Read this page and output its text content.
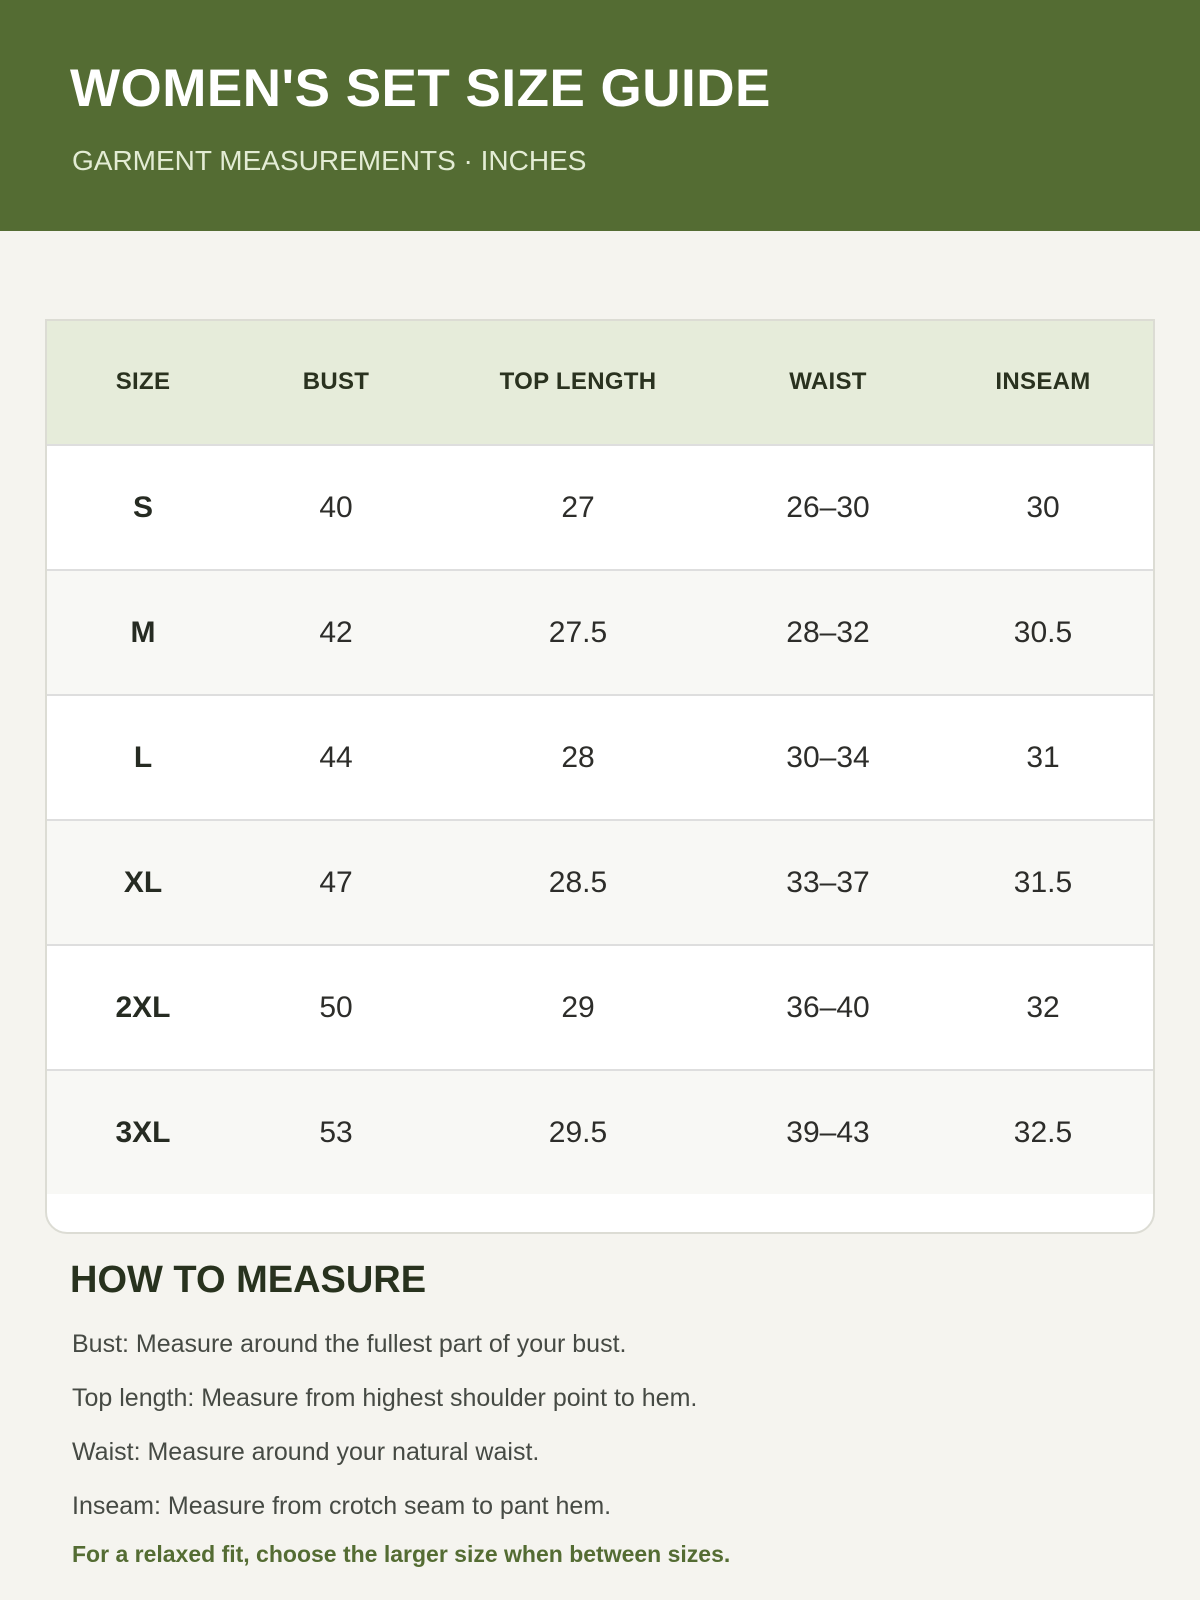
WOMEN'S SET SIZE GUIDE
GARMENT MEASUREMENTS · INCHES
SIZE	BUST	TOP LENGTH	WAIST	INSEAM
S	40	27	26–30	30
M	42	27.5	28–32	30.5
L	44	28	30–34	31
XL	47	28.5	33–37	31.5
2XL	50	29	36–40	32
3XL	53	29.5	39–43	32.5
HOW TO MEASURE
Bust: Measure around the fullest part of your bust.
Top length: Measure from highest shoulder point to hem.
Waist: Measure around your natural waist.
Inseam: Measure from crotch seam to pant hem.
For a relaxed fit, choose the larger size when between sizes.
